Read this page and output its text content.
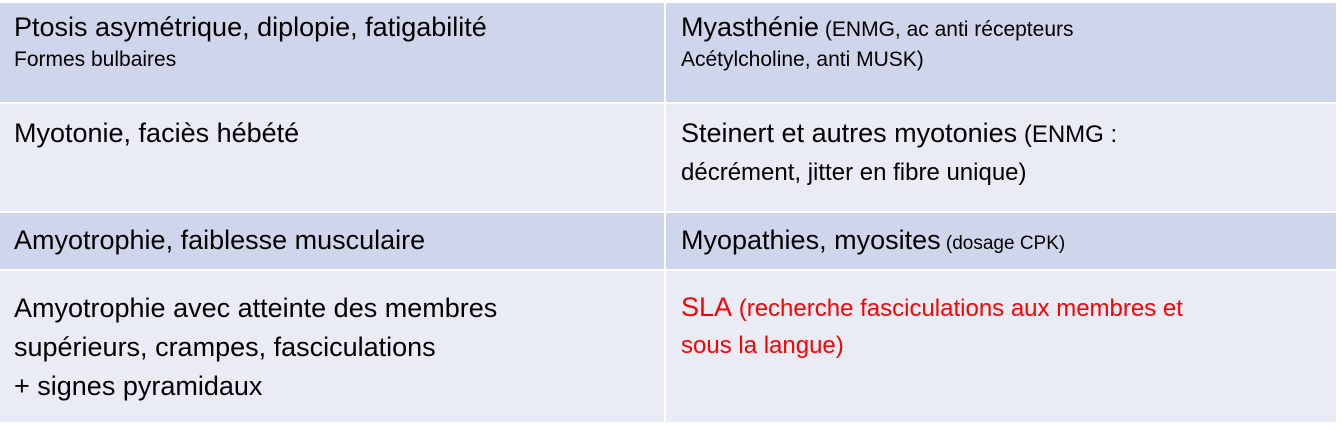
Ptosis asymétrique, diplopie, fatigabilité
Formes bulbaires
Myasthénie (ENMG, ac anti récepteurs
Acétylcholine, anti MUSK)
Myotonie, faciès hébété	Steinert et autres myotonies (ENMG :
décrément, jitter en fibre unique)
Amyotrophie, faiblesse musculaire	Myopathies, myosites (dosage CPK)
Amyotrophie avec atteinte des membres
supérieurs, crampes, fasciculations
+ signes pyramidaux
SLA (recherche fasciculations aux membres et
sous la langue)
